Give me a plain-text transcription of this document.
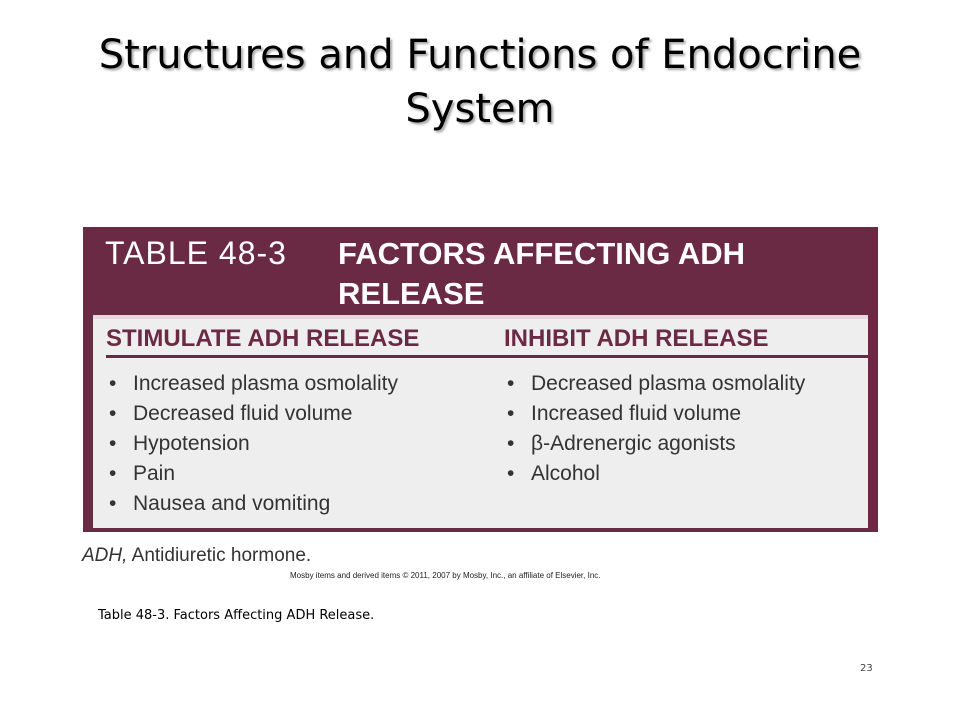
Structures and Functions of Endocrine System
TABLE 48-3 FACTORS AFFECTING ADH RELEASE
STIMULATE ADH RELEASE	INHIBIT ADH RELEASE
• Increased plasma osmolality
• Decreased fluid volume
• Hypotension
• Pain
• Nausea and vomiting
• Decreased plasma osmolality
• Increased fluid volume
• β-Adrenergic agonists
• Alcohol
ADH, Antidiuretic hormone.
Mosby items and derived items © 2011, 2007 by Mosby, Inc., an affiliate of Elsevier, Inc.
Table 48-3. Factors Affecting ADH Release.
23
